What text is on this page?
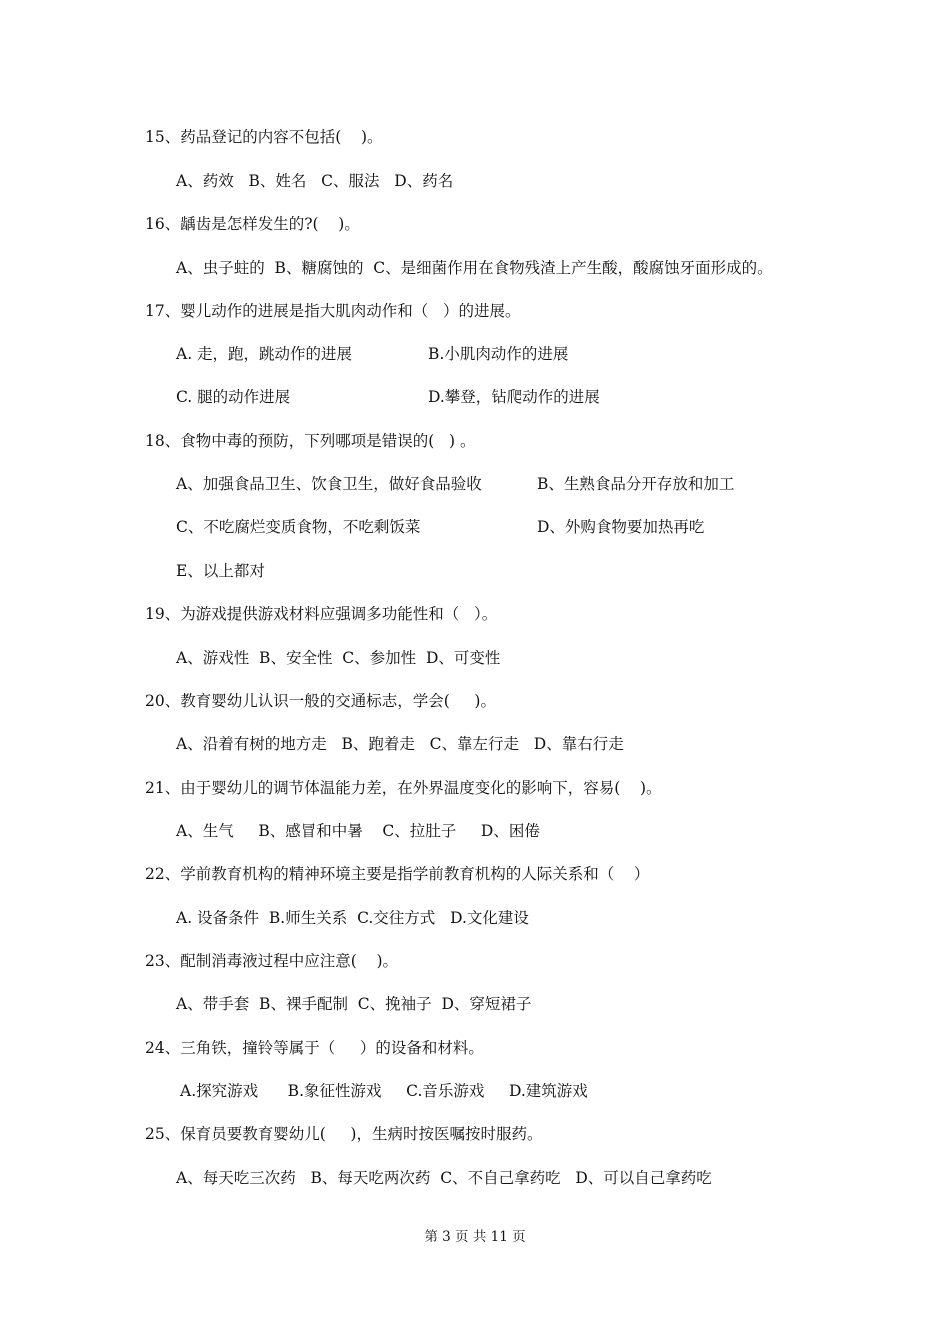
15、药品登记的内容不包括(    )。
A、药效   B、姓名   C、服法   D、药名
16、龋齿是怎样发生的?(    )。
A、虫子蛀的  B、糖腐蚀的  C、是细菌作用在食物残渣上产生酸，酸腐蚀牙面形成的。
17、婴儿动作的进展是指大肌肉动作和（   ）的进展。
A. 走，跑，跳动作的进展	B.小肌肉动作的进展
C. 腿的动作进展	D.攀登，钻爬动作的进展
18、食物中毒的预防，下列哪项是错误的(   ) 。
A、加强食品卫生、饮食卫生，做好食品验收	B、生熟食品分开存放和加工
C、不吃腐烂变质食物，不吃剩饭菜	D、外购食物要加热再吃
E、以上都对
19、为游戏提供游戏材料应强调多功能性和（   ）。
A、游戏性  B、安全性  C、参加性  D、可变性
20、教育婴幼儿认识一般的交通标志，学会(     )。
A、沿着有树的地方走   B、跑着走   C、靠左行走   D、靠右行走
21、由于婴幼儿的调节体温能力差，在外界温度变化的影响下，容易(    )。
A、生气     B、感冒和中暑    C、拉肚子     D、困倦
22、学前教育机构的精神环境主要是指学前教育机构的人际关系和（    ）
A. 设备条件  B.师生关系  C.交往方式   D.文化建设
23、配制消毒液过程中应注意(    )。
A、带手套  B、裸手配制  C、挽袖子  D、穿短裙子
24、三角铁，撞铃等属于（     ）的设备和材料。
A.探究游戏      B.象征性游戏     C.音乐游戏     D.建筑游戏
25、保育员要教育婴幼儿(     )，生病时按医嘱按时服药。
A、每天吃三次药   B、每天吃两次药  C、不自己拿药吃   D、可以自己拿药吃
第 3 页 共 11 页
